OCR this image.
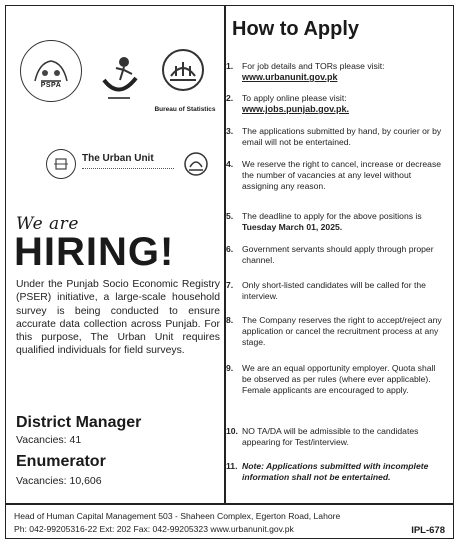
PSPA
Bureau of Statistics
The Urban Unit
We are
HIRING!

Under the Punjab Socio Economic Registry (PSER) initiative, a large-scale household survey is being conducted to ensure accurate data collection across Punjab. For this purpose, The Urban Unit requires qualified individuals for field surveys.

District Manager
Vacancies: 41
Enumerator
Vacancies: 10,606
How to Apply
1.	For job details and TORs please visit:
www.urbanunit.gov.pk
2.	To apply online please visit:
www.jobs.punjab.gov.pk.
3.	The applications submitted by hand, by courier or by email will not be entertained.
4.	We reserve the right to cancel, increase or decrease the number of vacancies at any level without assigning any reason.
5.	The deadline to apply for the above positions is Tuesday March 01, 2025.
6.	Government servants should apply through proper channel.
7.	Only short-listed candidates will be called for the interview.
8.	The Company reserves the right to accept/reject any application or cancel the recruitment process at any stage.
9.	We are an equal opportunity employer. Quota shall be observed as per rules (where ever applicable). Female applicants are encouraged to apply.
10. NO TA/DA will be admissible to the candidates appearing for Test/interview.
11. Note: Applications submitted with incomplete information shall not be entertained.
Head of Human Capital Management 503 - Shaheen Complex, Egerton Road, Lahore
Ph: 042-99205316-22 Ext: 202 Fax: 042-99205323 www.urbanunit.gov.pk	IPL-678
